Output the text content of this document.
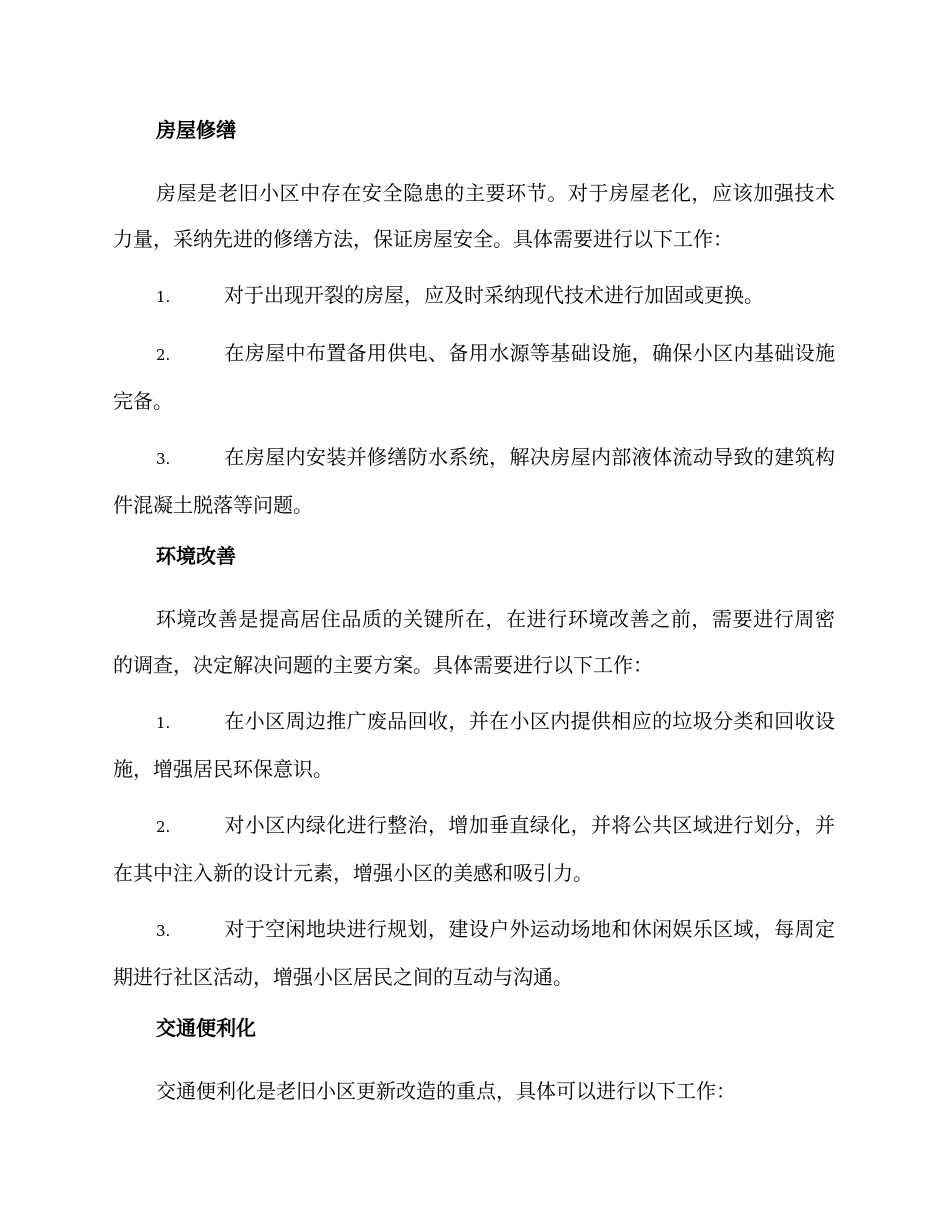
房屋修缮

房屋是老旧小区中存在安全隐患的主要环节。对于房屋老化，应该加强技术力量，采纳先进的修缮方法，保证房屋安全。具体需要进行以下工作：

1.	对于出现开裂的房屋，应及时采纳现代技术进行加固或更换。

2.	在房屋中布置备用供电、备用水源等基础设施，确保小区内基础设施完备。

3.	在房屋内安装并修缮防水系统，解决房屋内部液体流动导致的建筑构件混凝土脱落等问题。

环境改善

环境改善是提高居住品质的关键所在，在进行环境改善之前，需要进行周密的调查，决定解决问题的主要方案。具体需要进行以下工作：

1.	在小区周边推广废品回收，并在小区内提供相应的垃圾分类和回收设施，增强居民环保意识。

2.	对小区内绿化进行整治，增加垂直绿化，并将公共区域进行划分，并在其中注入新的设计元素，增强小区的美感和吸引力。

3.	对于空闲地块进行规划，建设户外运动场地和休闲娱乐区域，每周定期进行社区活动，增强小区居民之间的互动与沟通。

交通便利化

交通便利化是老旧小区更新改造的重点，具体可以进行以下工作：
